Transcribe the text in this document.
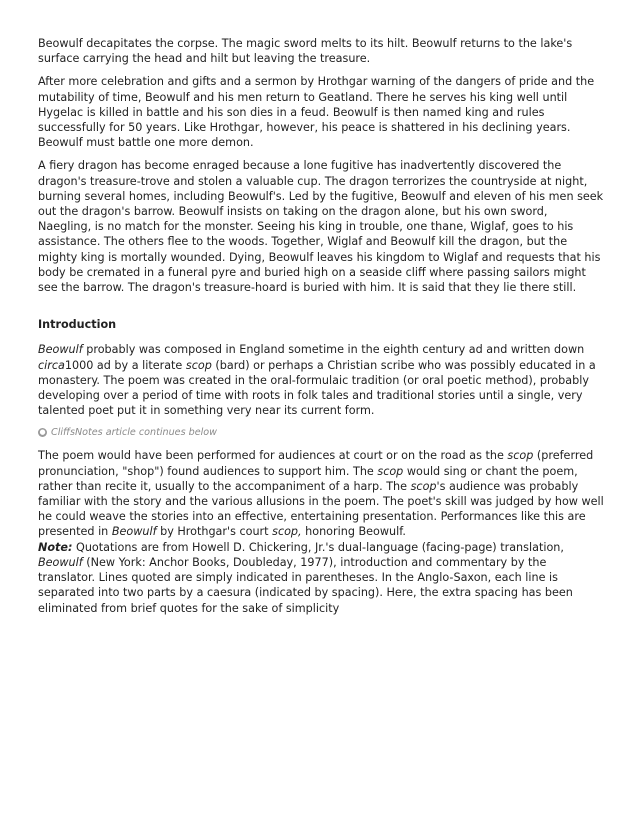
Beowulf decapitates the corpse. The magic sword melts to its hilt. Beowulf returns to the lake's surface carrying the head and hilt but leaving the treasure.

After more celebration and gifts and a sermon by Hrothgar warning of the dangers of pride and the mutability of time, Beowulf and his men return to Geatland. There he serves his king well until Hygelac is killed in battle and his son dies in a feud. Beowulf is then named king and rules successfully for 50 years. Like Hrothgar, however, his peace is shattered in his declining years. Beowulf must battle one more demon.

A fiery dragon has become enraged because a lone fugitive has inadvertently discovered the dragon's treasure-trove and stolen a valuable cup. The dragon terrorizes the countryside at night, burning several homes, including Beowulf's. Led by the fugitive, Beowulf and eleven of his men seek out the dragon's barrow. Beowulf insists on taking on the dragon alone, but his own sword, Naegling, is no match for the monster. Seeing his king in trouble, one thane, Wiglaf, goes to his assistance. The others flee to the woods. Together, Wiglaf and Beowulf kill the dragon, but the mighty king is mortally wounded. Dying, Beowulf leaves his kingdom to Wiglaf and requests that his body be cremated in a funeral pyre and buried high on a seaside cliff where passing sailors might see the barrow. The dragon's treasure-hoard is buried with him. It is said that they lie there still.

Introduction

Beowulf probably was composed in England sometime in the eighth century ad and written down circa1000 ad by a literate scop (bard) or perhaps a Christian scribe who was possibly educated in a monastery. The poem was created in the oral-formulaic tradition (or oral poetic method), probably developing over a period of time with roots in folk tales and traditional stories until a single, very talented poet put it in something very near its current form.

● CliffsNotes article continues below

The poem would have been performed for audiences at court or on the road as the scop (preferred pronunciation, "shop") found audiences to support him. The scop would sing or chant the poem, rather than recite it, usually to the accompaniment of a harp. The scop's audience was probably familiar with the story and the various allusions in the poem. The poet's skill was judged by how well he could weave the stories into an effective, entertaining presentation. Performances like this are presented in Beowulf by Hrothgar's court scop, honoring Beowulf.
Note: Quotations are from Howell D. Chickering, Jr.'s dual-language (facing-page) translation, Beowulf (New York: Anchor Books, Doubleday, 1977), introduction and commentary by the translator. Lines quoted are simply indicated in parentheses. In the Anglo-Saxon, each line is separated into two parts by a caesura (indicated by spacing). Here, the extra spacing has been eliminated from brief quotes for the sake of simplicity
